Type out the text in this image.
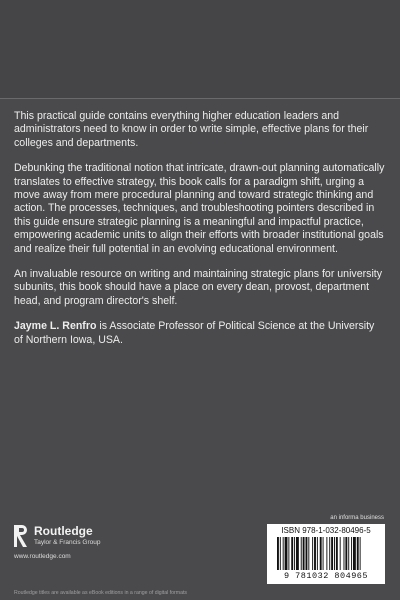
This practical guide contains everything higher education leaders and administrators need to know in order to write simple, effective plans for their colleges and departments.

Debunking the traditional notion that intricate, drawn-out planning automatically translates to effective strategy, this book calls for a paradigm shift, urging a move away from mere procedural planning and toward strategic thinking and action. The processes, techniques, and troubleshooting pointers described in this guide ensure strategic planning is a meaningful and impactful practice, empowering academic units to align their efforts with broader institutional goals and realize their full potential in an evolving educational environment.

An invaluable resource on writing and maintaining strategic plans for university subunits, this book should have a place on every dean, provost, department head, and program director's shelf.

Jayme L. Renfro is Associate Professor of Political Science at the University of Northern Iowa, USA.

Routledge
Taylor & Francis Group
www.routledge.com
an informa business
ISBN 978-1-032-80496-5
9 781032 804965
Routledge titles are available as eBook editions in a range of digital formats
